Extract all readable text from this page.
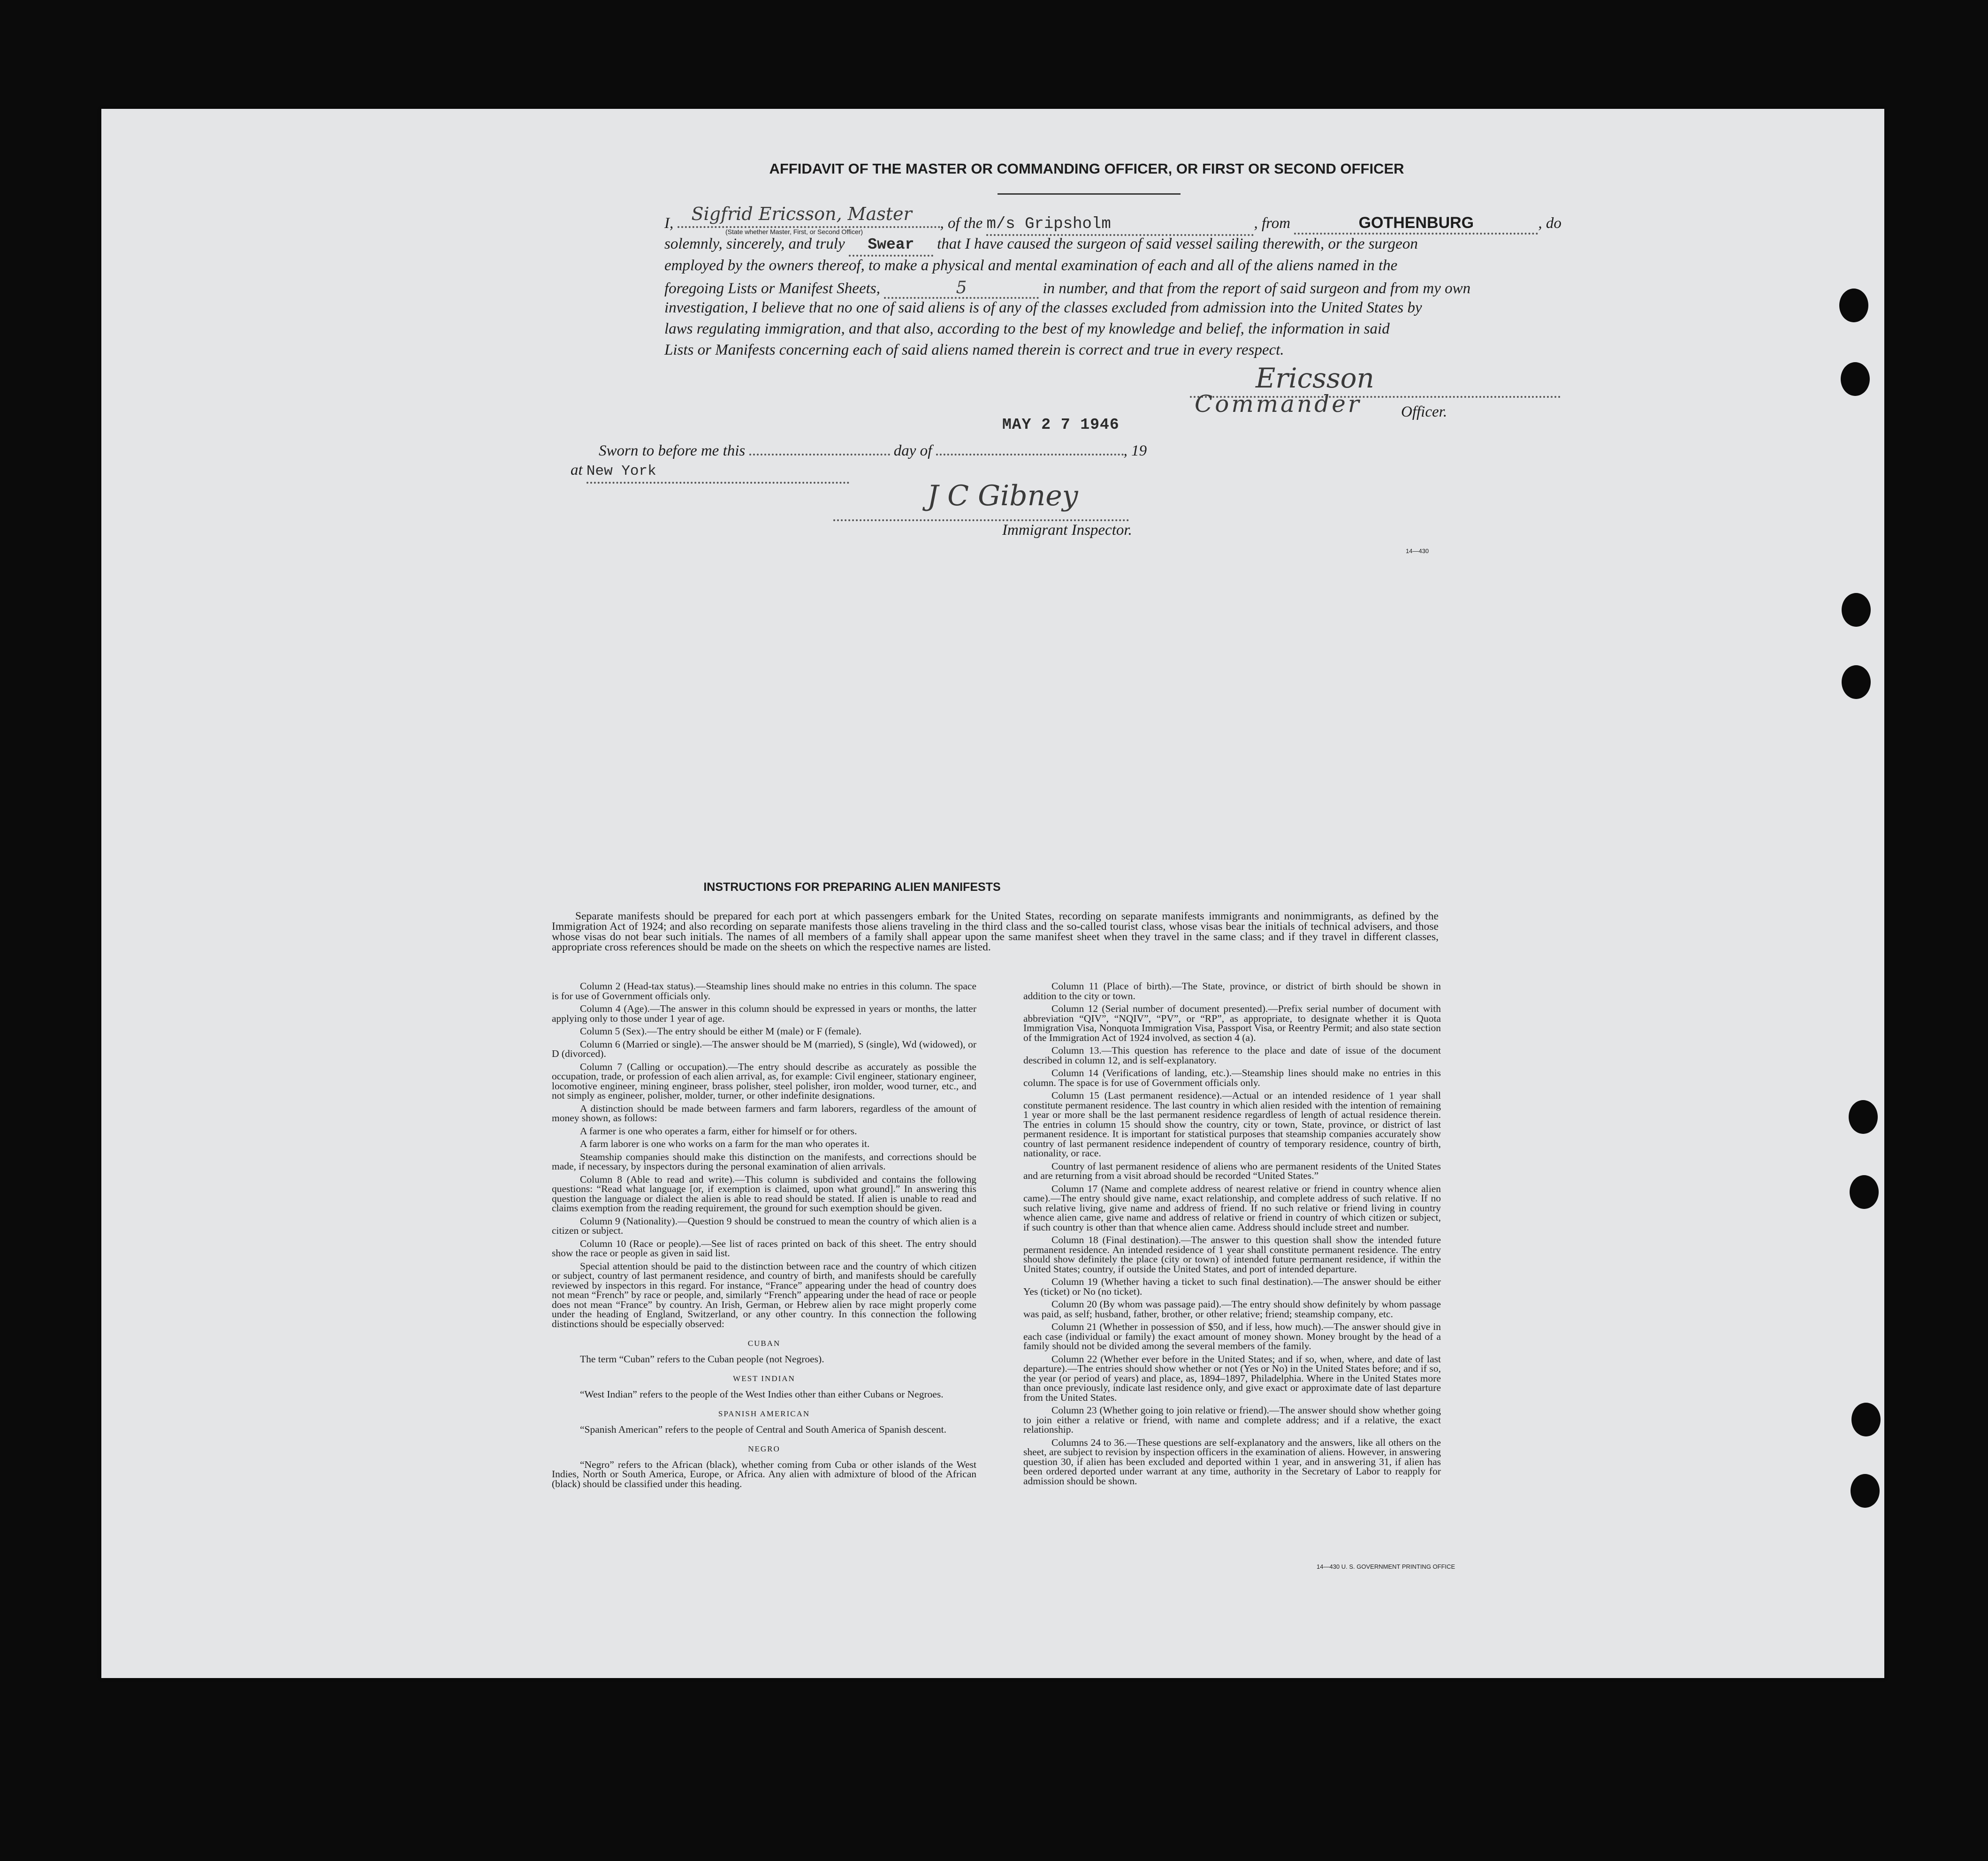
AFFIDAVIT OF THE MASTER OR COMMANDING OFFICER, OR FIRST OR SECOND OFFICER
I, Sigfrid Ericsson, Master , of the m/s Gripsholm	, from	GOTHENBURG	, do
(State whether Master, First, or Second Officer)
solemnly, sincerely, and truly Swear that I have caused the surgeon of said vessel sailing therewith, or the surgeon
employed by the owners thereof, to make a physical and mental examination of each and all of the aliens named in the
foregoing Lists or Manifest Sheets,	5	in number, and that from the report of said surgeon and from my own
investigation, I believe that no one of said aliens is of any of the classes excluded from admission into the United States by
laws regulating immigration, and that also, according to the best of my knowledge and belief, the information in said
Lists or Manifests concerning each of said aliens named therein is correct and true in every respect.
Ericsson
Commander	Officer.
MAY 2 7 1946
Sworn to before me this	day of	, 19
at New York
J C Gibney
Immigrant Inspector.
14—430
INSTRUCTIONS FOR PREPARING ALIEN MANIFESTS

Separate manifests should be prepared for each port at which passengers embark for the United States, recording on separate manifests immigrants and nonimmigrants, as defined by the Immigration Act of 1924; and also recording on separate manifests those aliens traveling in the third class and the so-called tourist class, whose visas bear the initials of technical advisers, and those whose visas do not bear such initials. The names of all members of a family shall appear upon the same manifest sheet when they travel in the same class; and if they travel in different classes, appropriate cross references should be made on the sheets on which the respective names are listed.

Column 2 (Head-tax status).—Steamship lines should make no entries in this column. The space is for use of Government officials only.

Column 4 (Age).—The answer in this column should be expressed in years or months, the latter applying only to those under 1 year of age.

Column 5 (Sex).—The entry should be either M (male) or F (female).

Column 6 (Married or single).—The answer should be M (married), S (single), Wd (widowed), or D (divorced).

Column 7 (Calling or occupation).—The entry should describe as accurately as possible the occupation, trade, or profession of each alien arrival, as, for example: Civil engineer, stationary engineer, locomotive engineer, mining engineer, brass polisher, steel polisher, iron molder, wood turner, etc., and not simply as engineer, polisher, molder, turner, or other indefinite designations.

A distinction should be made between farmers and farm laborers, regardless of the amount of money shown, as follows:

A farmer is one who operates a farm, either for himself or for others.

A farm laborer is one who works on a farm for the man who operates it.

Steamship companies should make this distinction on the manifests, and corrections should be made, if necessary, by inspectors during the personal examination of alien arrivals.

Column 8 (Able to read and write).—This column is subdivided and contains the following questions: “Read what language [or, if exemption is claimed, upon what ground].” In answering this question the language or dialect the alien is able to read should be stated. If alien is unable to read and claims exemption from the reading requirement, the ground for such exemption should be given.

Column 9 (Nationality).—Question 9 should be construed to mean the country of which alien is a citizen or subject.

Column 10 (Race or people).—See list of races printed on back of this sheet. The entry should show the race or people as given in said list.

Special attention should be paid to the distinction between race and the country of which citizen or subject, country of last permanent residence, and country of birth, and manifests should be carefully reviewed by inspectors in this regard. For instance, “France” appearing under the head of country does not mean “French” by race or people, and, similarly “French” appearing under the head of race or people does not mean “France” by country. An Irish, German, or Hebrew alien by race might properly come under the heading of England, Switzerland, or any other country. In this connection the following distinctions should be especially observed:

CUBAN

The term “Cuban” refers to the Cuban people (not Negroes).

WEST INDIAN

“West Indian” refers to the people of the West Indies other than either Cubans or Negroes.

SPANISH AMERICAN

“Spanish American” refers to the people of Central and South America of Spanish descent.

NEGRO

“Negro” refers to the African (black), whether coming from Cuba or other islands of the West Indies, North or South America, Europe, or Africa. Any alien with admixture of blood of the African (black) should be classified under this heading.

Column 11 (Place of birth).—The State, province, or district of birth should be shown in addition to the city or town.

Column 12 (Serial number of document presented).—Prefix serial number of document with abbreviation “QIV”, “NQIV”, “PV”, or “RP”, as appropriate, to designate whether it is Quota Immigration Visa, Nonquota Immigration Visa, Passport Visa, or Reentry Permit; and also state section of the Immigration Act of 1924 involved, as section 4 (a).

Column 13.—This question has reference to the place and date of issue of the document described in column 12, and is self-explanatory.

Column 14 (Verifications of landing, etc.).—Steamship lines should make no entries in this column. The space is for use of Government officials only.

Column 15 (Last permanent residence).—Actual or an intended residence of 1 year shall constitute permanent residence. The last country in which alien resided with the intention of remaining 1 year or more shall be the last permanent residence regardless of length of actual residence therein. The entries in column 15 should show the country, city or town, State, province, or district of last permanent residence. It is important for statistical purposes that steamship companies accurately show country of last permanent residence independent of country of temporary residence, country of birth, nationality, or race.

Country of last permanent residence of aliens who are permanent residents of the United States and are returning from a visit abroad should be recorded “United States.”

Column 17 (Name and complete address of nearest relative or friend in country whence alien came).—The entry should give name, exact relationship, and complete address of such relative. If no such relative living, give name and address of friend. If no such relative or friend living in country whence alien came, give name and address of relative or friend in country of which citizen or subject, if such country is other than that whence alien came. Address should include street and number.

Column 18 (Final destination).—The answer to this question shall show the intended future permanent residence. An intended residence of 1 year shall constitute permanent residence. The entry should show definitely the place (city or town) of intended future permanent residence, if within the United States; country, if outside the United States, and port of intended departure.

Column 19 (Whether having a ticket to such final destination).—The answer should be either Yes (ticket) or No (no ticket).

Column 20 (By whom was passage paid).—The entry should show definitely by whom passage was paid, as self; husband, father, brother, or other relative; friend; steamship company, etc.

Column 21 (Whether in possession of $50, and if less, how much).—The answer should give in each case (individual or family) the exact amount of money shown. Money brought by the head of a family should not be divided among the several members of the family.

Column 22 (Whether ever before in the United States; and if so, when, where, and date of last departure).—The entries should show whether or not (Yes or No) in the United States before; and if so, the year (or period of years) and place, as, 1894–1897, Philadelphia. Where in the United States more than once previously, indicate last residence only, and give exact or approximate date of last departure from the United States.

Column 23 (Whether going to join relative or friend).—The answer should show whether going to join either a relative or friend, with name and complete address; and if a relative, the exact relationship.

Columns 24 to 36.—These questions are self-explanatory and the answers, like all others on the sheet, are subject to revision by inspection officers in the examination of aliens. However, in answering question 30, if alien has been excluded and deported within 1 year, and in answering 31, if alien has been ordered deported under warrant at any time, authority in the Secretary of Labor to reapply for admission should be shown.

14—430 U. S. GOVERNMENT PRINTING OFFICE
